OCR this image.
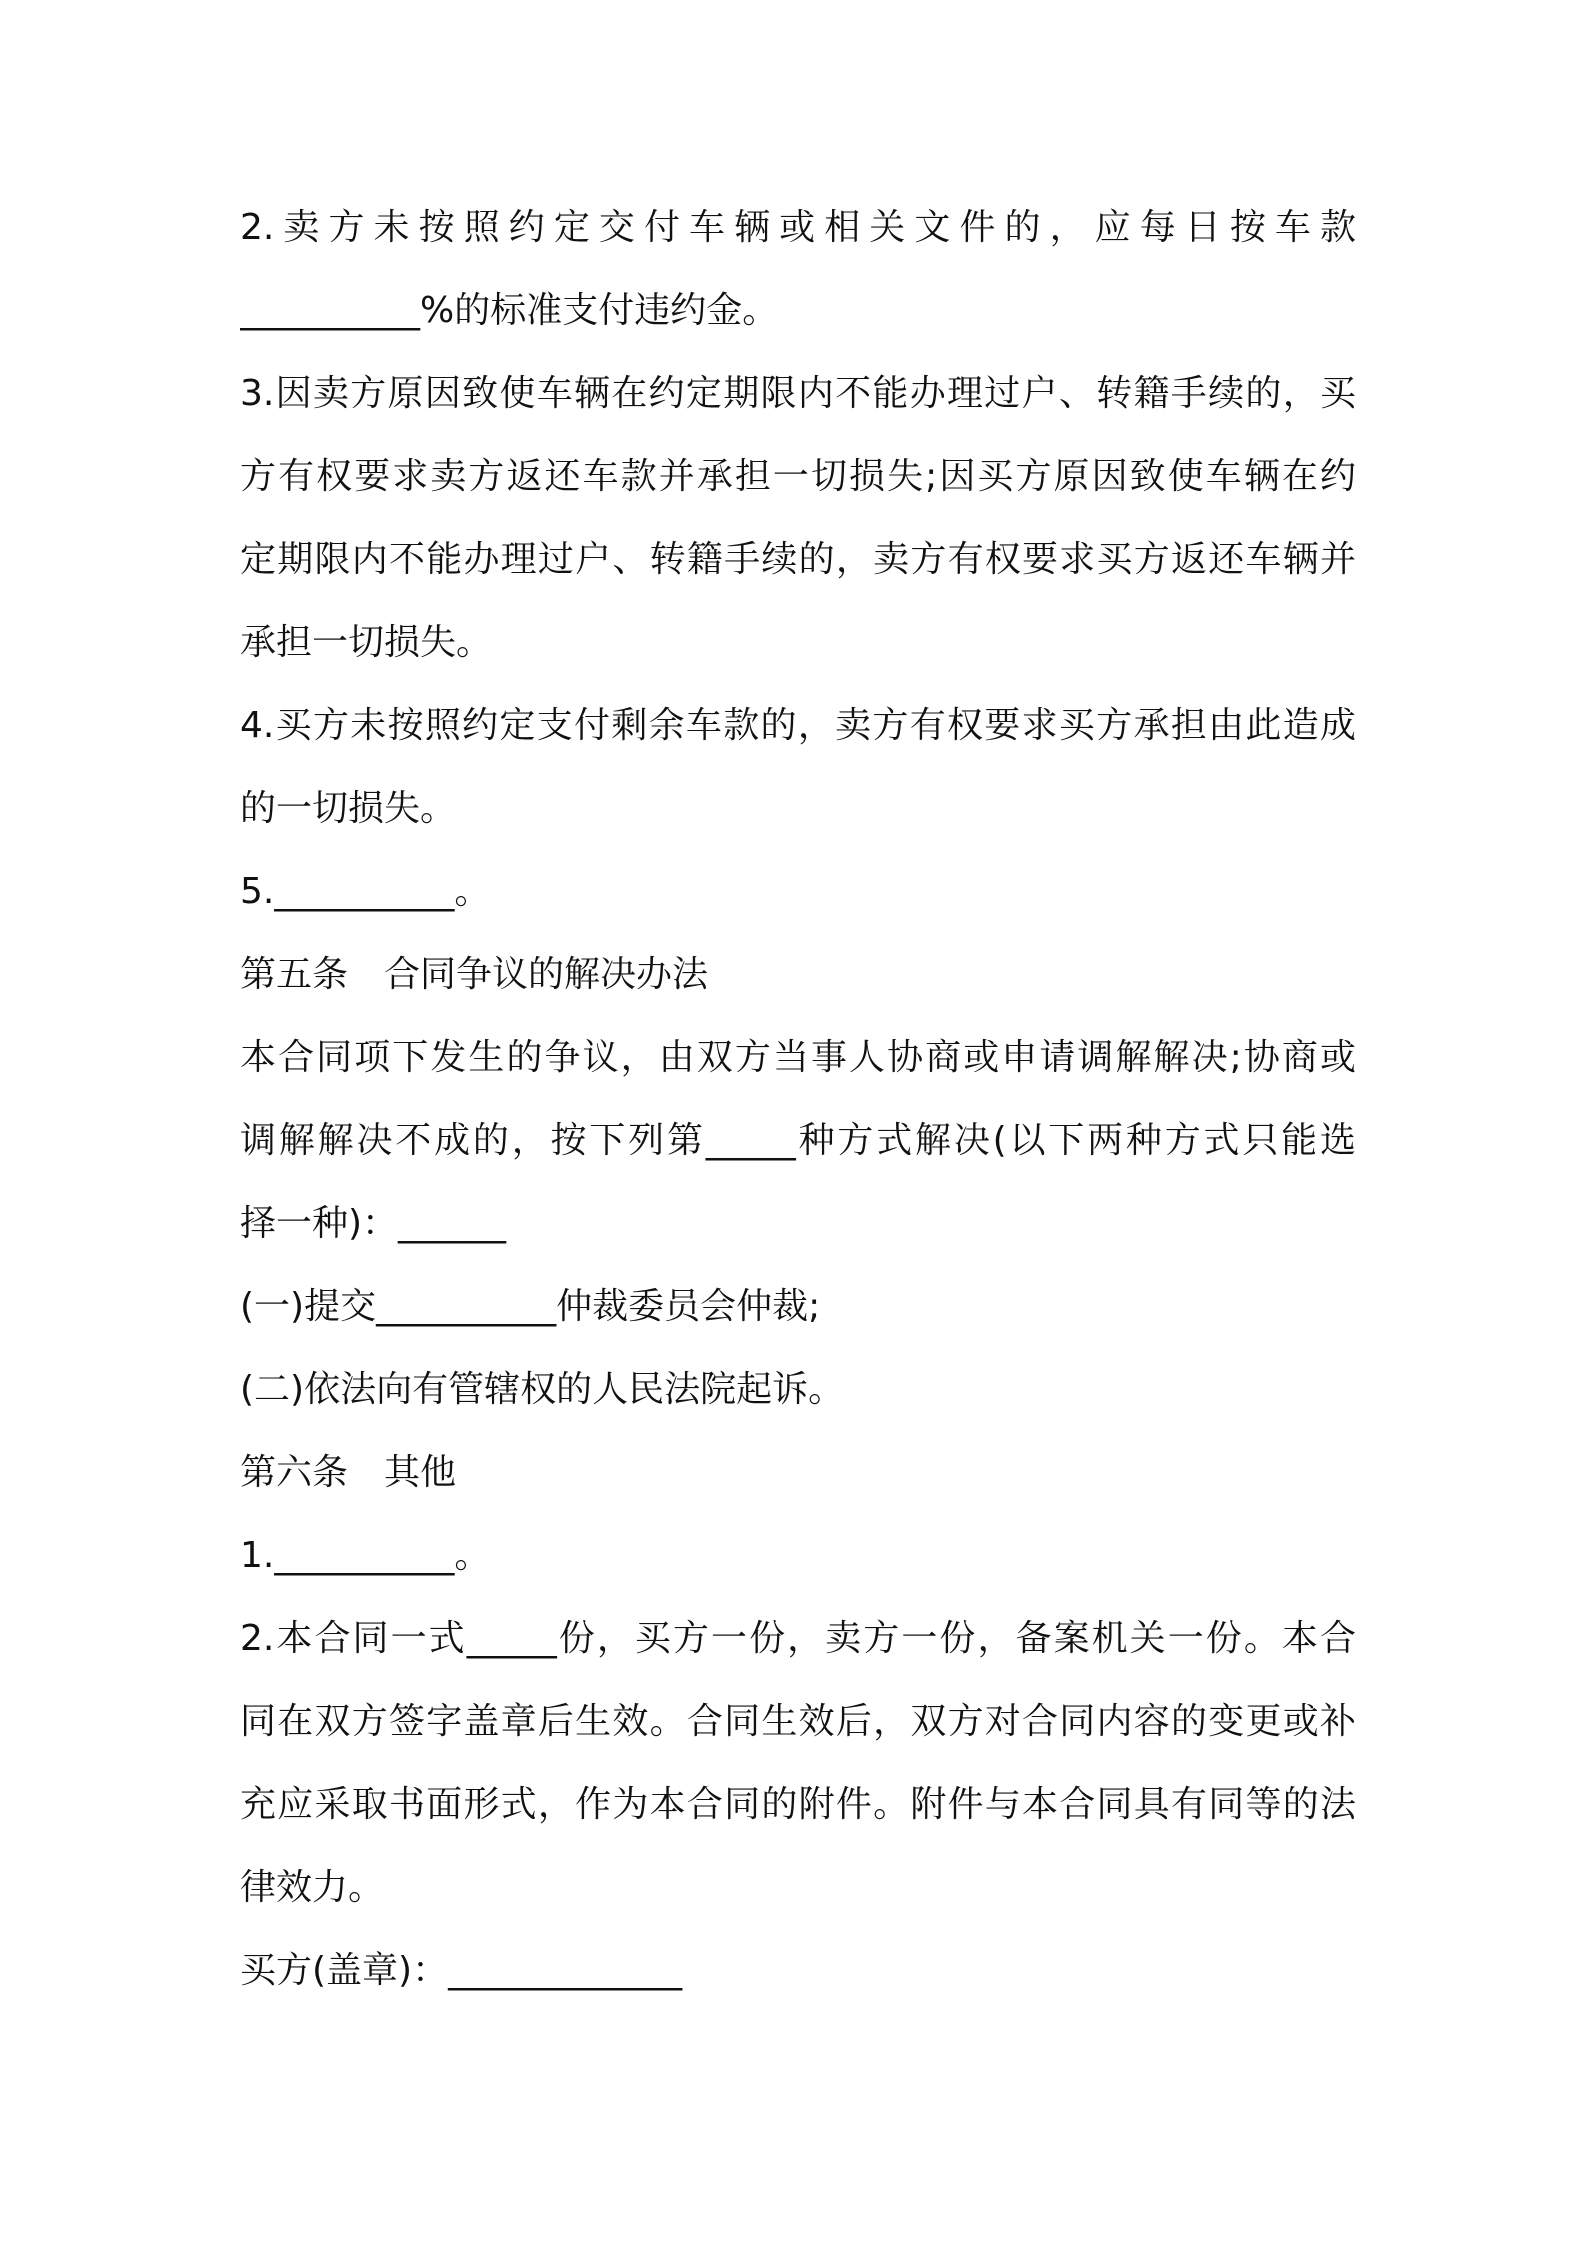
2.卖方未按照约定交付车辆或相关文件的，应每日按车款
__________%的标准支付违约金。
3.因卖方原因致使车辆在约定期限内不能办理过户、转籍手续的，买
方有权要求卖方返还车款并承担一切损失;因买方原因致使车辆在约
定期限内不能办理过户、转籍手续的，卖方有权要求买方返还车辆并
承担一切损失。
4.买方未按照约定支付剩余车款的，卖方有权要求买方承担由此造成
的一切损失。
5.__________。
第五条　合同争议的解决办法
本合同项下发生的争议，由双方当事人协商或申请调解解决;协商或
调解解决不成的，按下列第_____种方式解决(以下两种方式只能选
择一种)：______
(一)提交__________仲裁委员会仲裁;
(二)依法向有管辖权的人民法院起诉。
第六条　其他
1.__________。
2.本合同一式_____份，买方一份，卖方一份，备案机关一份。本合
同在双方签字盖章后生效。合同生效后，双方对合同内容的变更或补
充应采取书面形式，作为本合同的附件。附件与本合同具有同等的法
律效力。
买方(盖章)：_____________
